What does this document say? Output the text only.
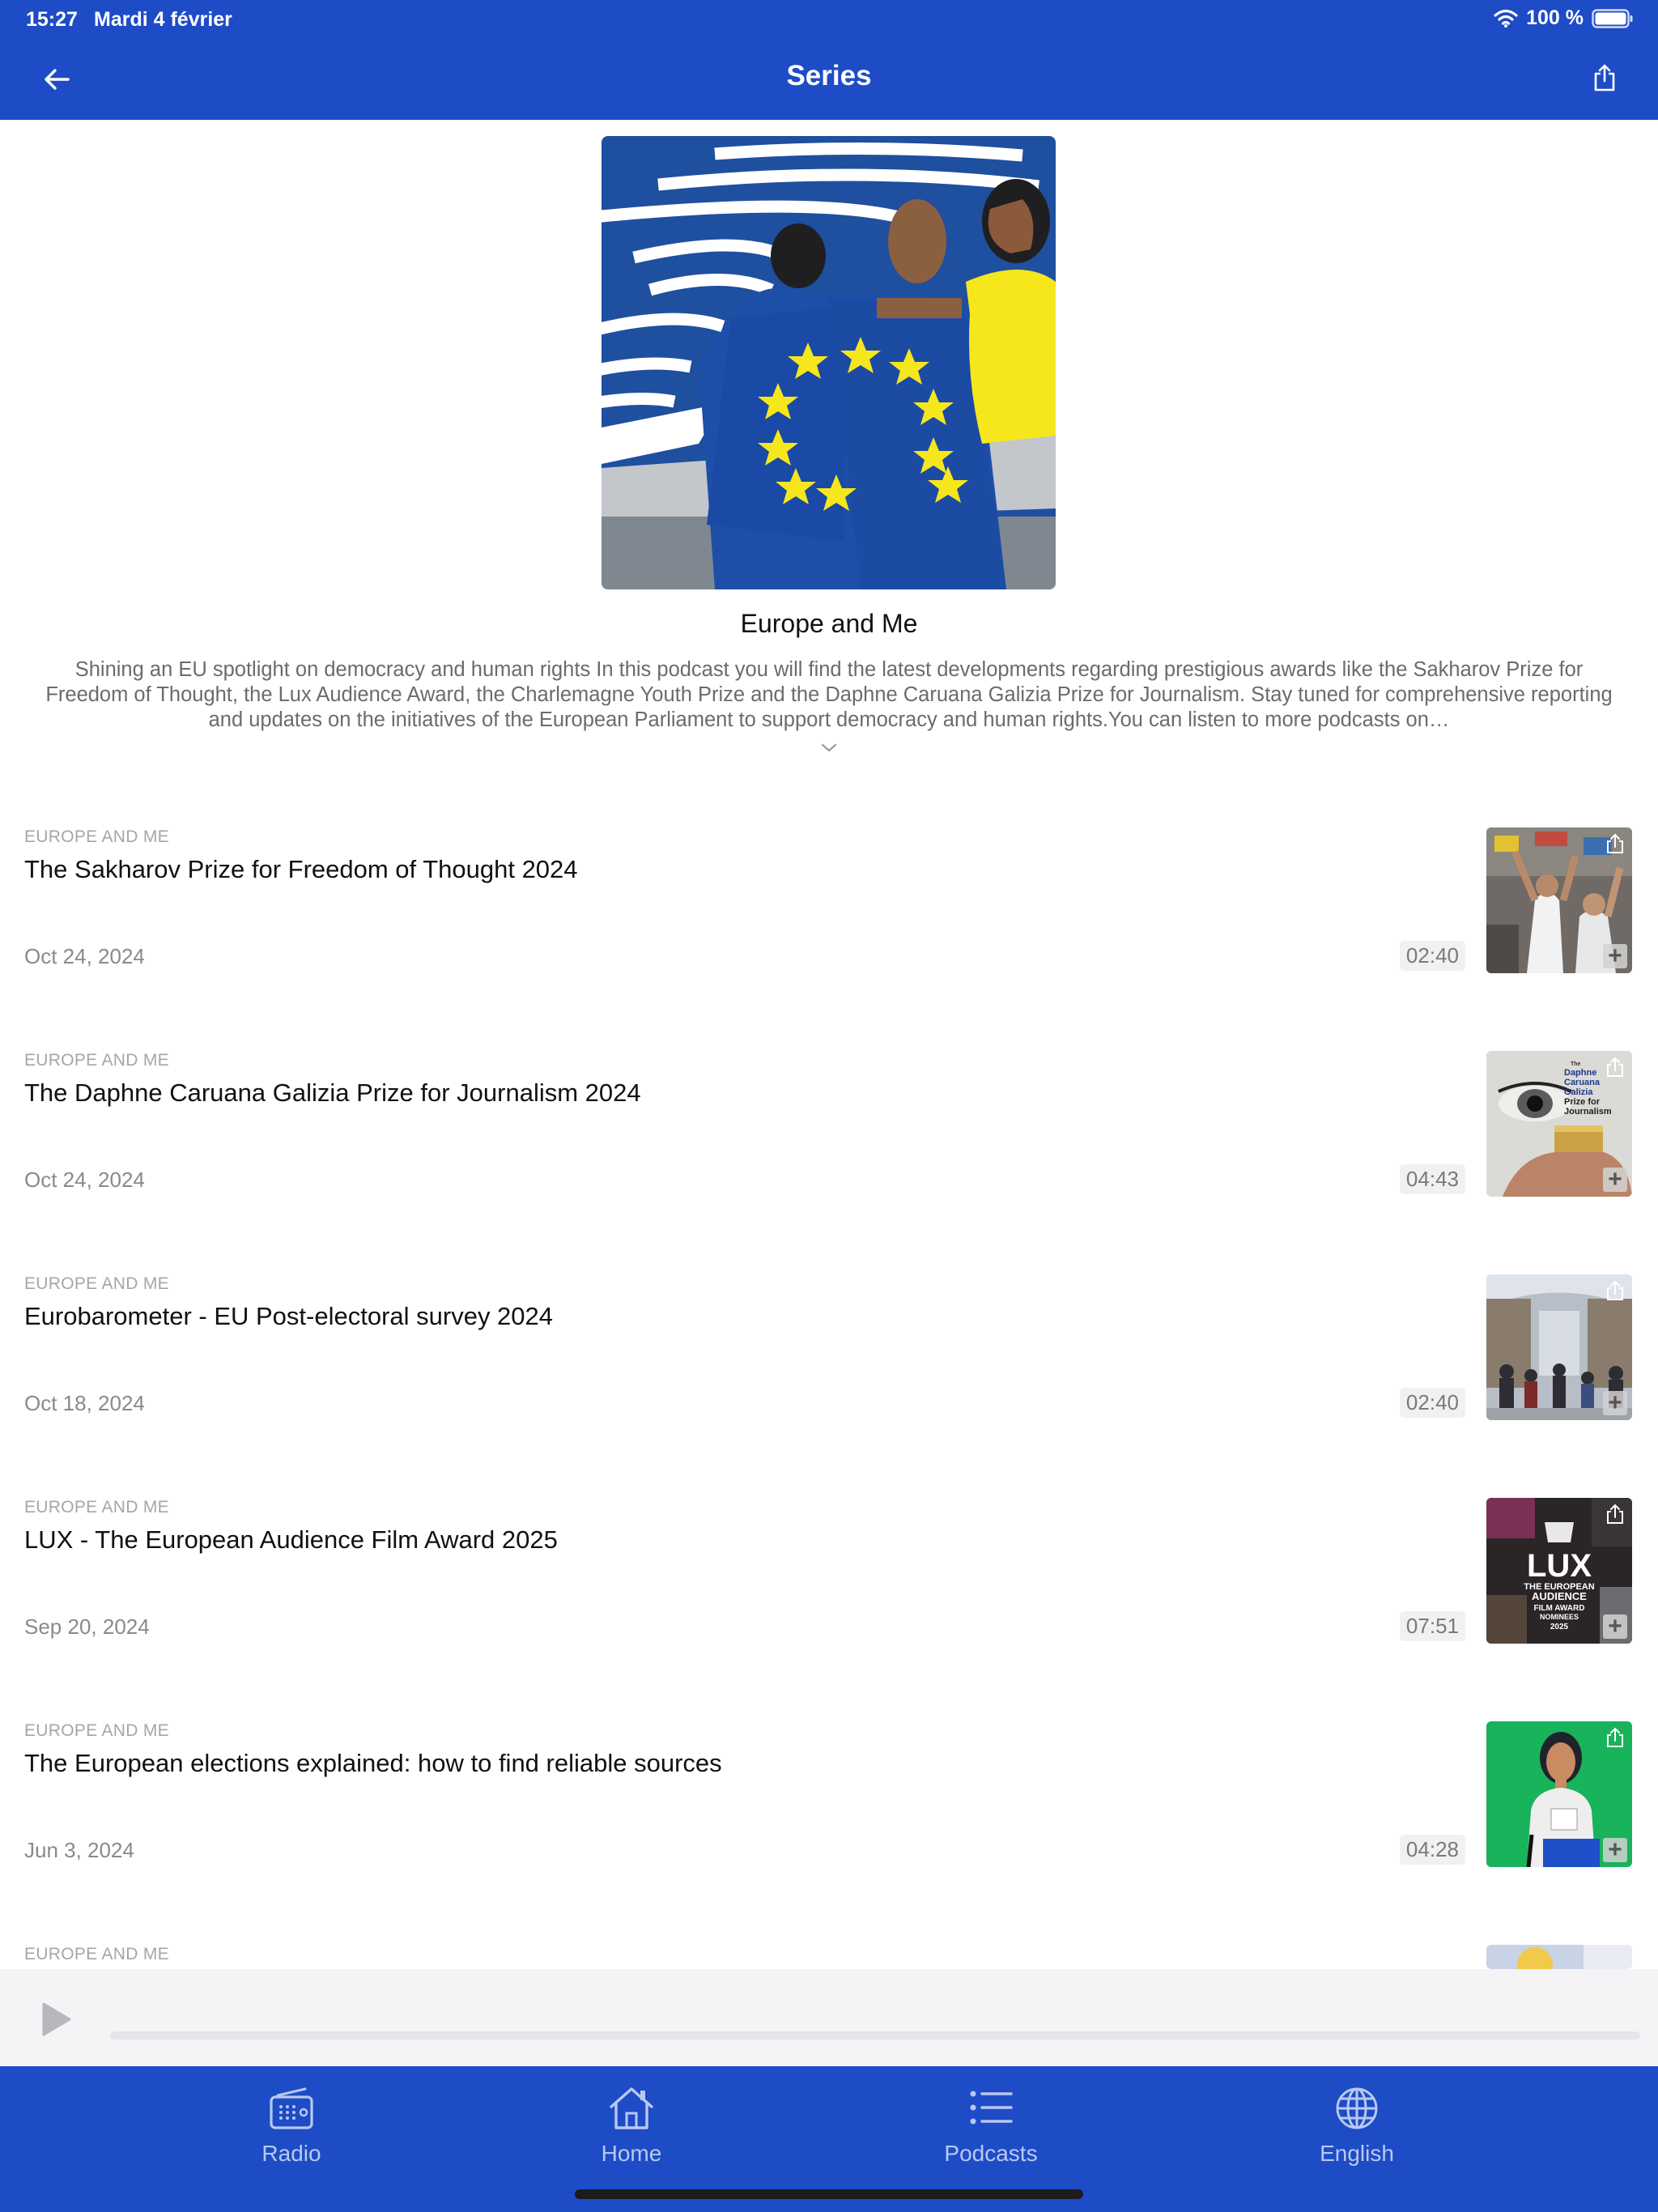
15:27 Mardi 4 février	100 %
Series
Europe and Me
Shining an EU spotlight on democracy and human rights In this podcast you will find the latest developments regarding prestigious awards like the Sakharov Prize for Freedom of Thought, the Lux Audience Award, the Charlemagne Youth Prize and the Daphne Caruana Galizia Prize for Journalism. Stay tuned for comprehensive reporting and updates on the initiatives of the European Parliament to support democracy and human rights.You can listen to more podcasts on…
EUROPE AND ME
The Sakharov Prize for Freedom of Thought 2024
Oct 24, 2024	02:40	+
EUROPE AND ME
The Daphne Caruana Galizia Prize for Journalism 2024
Oct 24, 2024	04:43
The
Daphne
Caruana
Galizia
Prize for
Journalism
+
EUROPE AND ME
Eurobarometer - EU Post-electoral survey 2024
Oct 18, 2024	02:40	+
EUROPE AND ME
LUX - The European Audience Film Award 2025
Sep 20, 2024	07:51
LUX
THE EUROPEAN
AUDIENCE
FILM AWARD
NOMINEES
2025 +
EUROPE AND ME
The European elections explained: how to find reliable sources
Jun 3, 2024	04:28	+
EUROPE AND ME
Radio	Home	Podcasts	English
